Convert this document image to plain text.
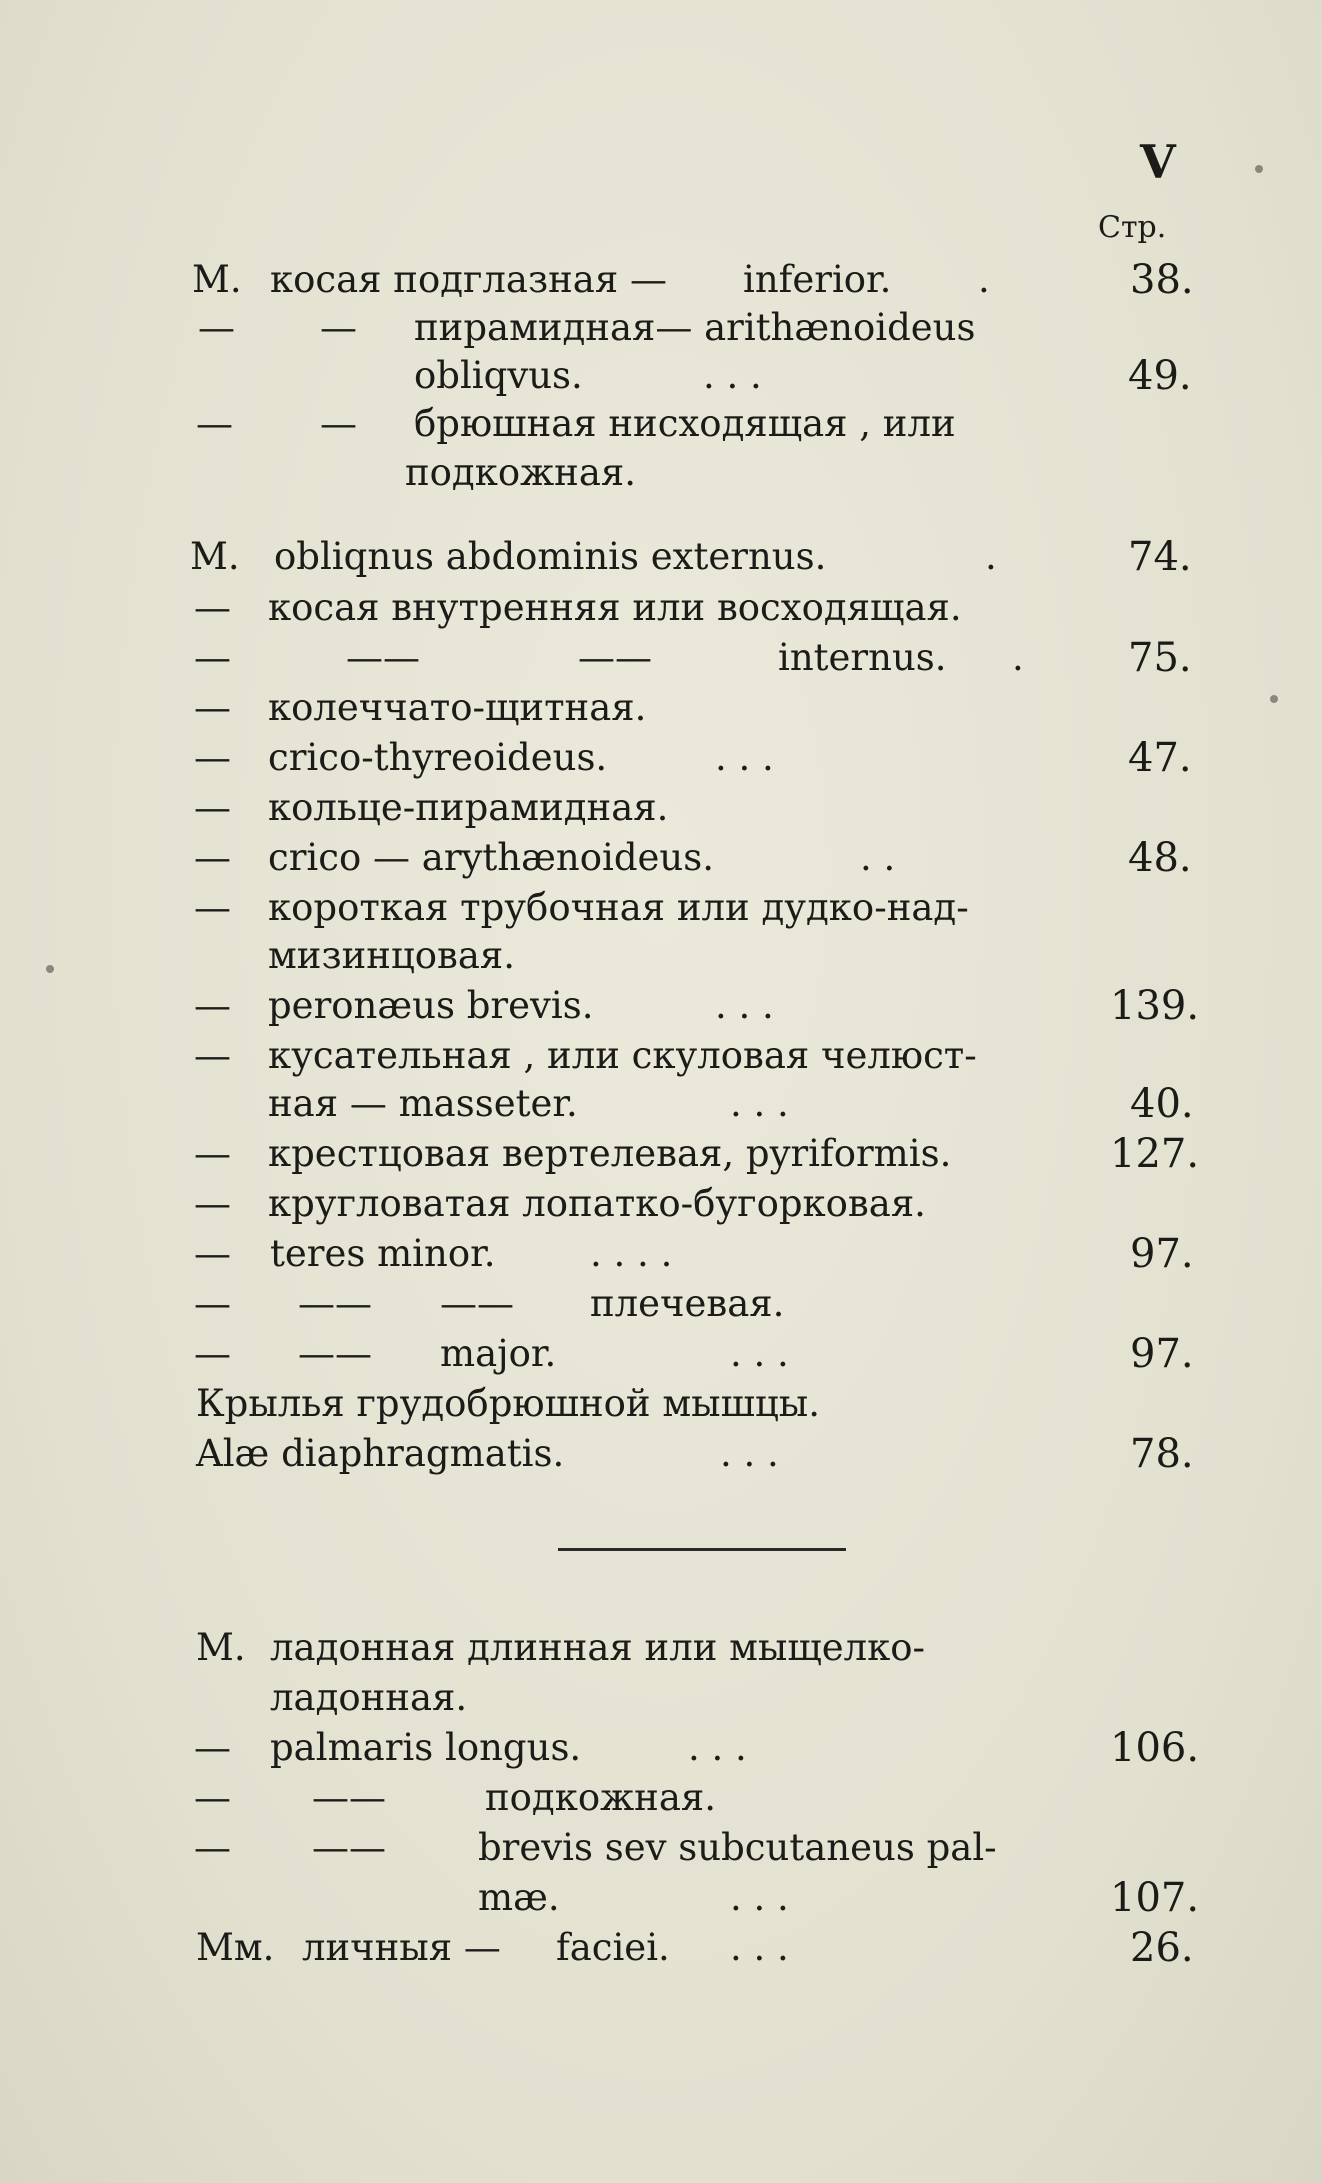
V
Стр.
М. косая подглазная — inferior. .	38.
— — пирамидная— arithænoideus
obliqvus.	. . .	49.
— — брюшная нисходящая , или
подкожная.
M. obliqnus abdominis externus.	.	74.
— косая внутренняя или восходящая.
—	——	——	internus. .	75.
— колеччато-щитная.
— crico-thyreoideus.	. . .	47.
— кольце-пирамидная.
— crico — arythænoideus.	. .	48.
— короткая трубочная или дудко-над-
мизинцовая.
— peronæus brevis.	. . .	139.
— кусательная , или скуловая челюст-
ная — masseter.	. . .	40.
— крестцовая вертелевая, pyriformis.	127.
— кругловатая лопатко-бугорковая.
— teres minor.	. . . .	97.
— —— —— плечевая.
— —— major.	. . .	97.
Крылья грудобрюшной мышцы.
Alæ diaphragmatis.	. . .	78.
М. ладонная длинная или мыщелко-
ладонная.
— palmaris longus.	. . .	106.
— ——	подкожная.
— —— brevis sev subcutaneus pal-
mæ.	. . .	107.
Мм. личныя — faciei. . . .	26.
